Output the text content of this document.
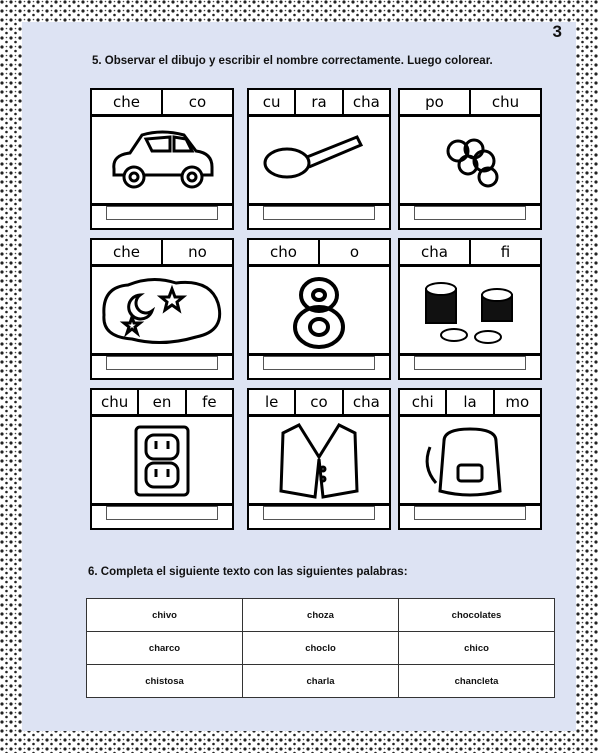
3
5. Observar el dibujo y escribir el nombre correctamente. Luego colorear.
che	co	cu	ra	cha	po	chu
che	no	cho	o	cha	fi
chu	en	fe	le	co	cha	chi	la	mo
6. Completa el siguiente texto con las siguientes palabras:
chivo	choza	chocolates
charco	choclo	chico
chistosa	charla	chancleta
